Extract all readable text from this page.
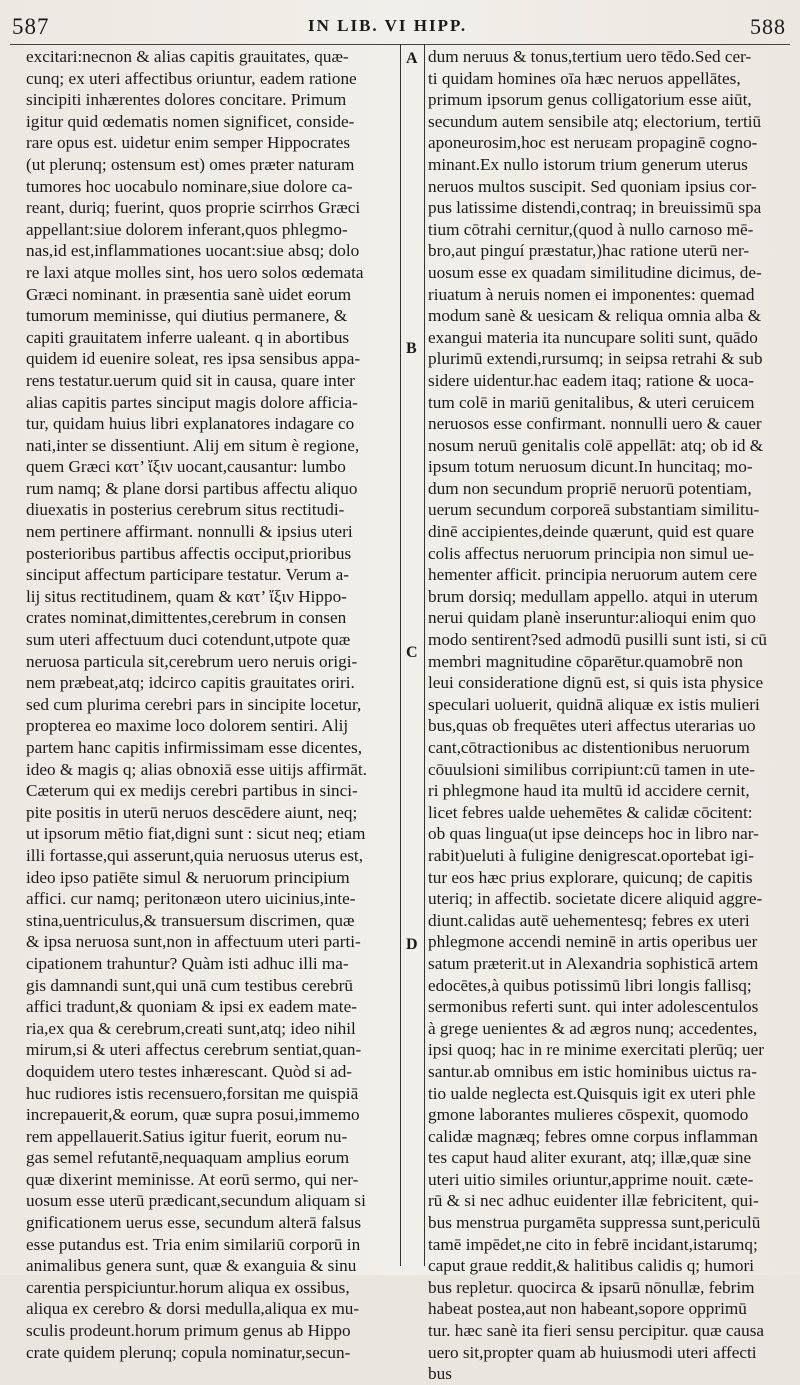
587	IN LIB. VI HIPP.	588
A
B
C
D
excitari:necnon & alias capitis grauitates, quæ-
cunq; ex uteri affectibus oriuntur, eadem ratione
sincipiti inhærentes dolores concitare. Primum
igitur quid œdematis nomen significet, conside-
rare opus est. uidetur enim semper Hippocrates
(ut plerunq; ostensum est) omes præter naturam
tumores hoc uocabulo nominare,siue dolore ca-
reant, duriq; fuerint, quos proprie scirrhos Græci
appellant:siue dolorem inferant,quos phlegmo-
nas,id est,inflammationes uocant:siue absq; dolo
re laxi atque molles sint, hos uero solos œdemata
Græci nominant. in præsentia sanè uidet eorum
tumorum meminisse, qui diutius permanere, &
capiti grauitatem inferre ualeant. q in abortibus
quidem id euenire soleat, res ipsa sensibus appa-
rens testatur.uerum quid sit in causa, quare inter
alias capitis partes sinciput magis dolore afficia-
tur, quidam huius libri explanatores indagare co
nati,inter se dissentiunt. Alij em situm è regione,
quem Græci κατ’ ἴξιν uocant,causantur: lumbo
rum namq; & plane dorsi partibus affectu aliquo
diuexatis in posterius cerebrum situs rectitudi-
nem pertinere affirmant. nonnulli & ipsius uteri
posterioribus partibus affectis occiput,prioribus
sinciput affectum participare testatur. Verum a-
lij situs rectitudinem, quam & κατ’ ἴξιν Hippo-
crates nominat,dimittentes,cerebrum in consen
sum uteri affectuum duci cotendunt,utpote quæ
neruosa particula sit,cerebrum uero neruis origi-
nem præbeat,atq; idcirco capitis grauitates oriri.
sed cum plurima cerebri pars in sincipite locetur,
propterea eo maxime loco dolorem sentiri. Alij
partem hanc capitis infirmissimam esse dicentes,
ideo & magis q; alias obnoxiā esse uitijs affirmāt.
Cæterum qui ex medijs cerebri partibus in sinci-
pite positis in uterū neruos descēdere aiunt, neq;
ut ipsorum mētio fiat,digni sunt : sicut neq; etiam
illi fortasse,qui asserunt,quia neruosus uterus est,
ideo ipso patiēte simul & neruorum principium
affici. cur namq; peritonæon utero uicinius,inte-
stina,uentriculus,& transuersum discrimen, quæ
& ipsa neruosa sunt,non in affectuum uteri parti-
cipationem trahuntur? Quàm isti adhuc illi ma-
gis damnandi sunt,qui unā cum testibus cerebrū
affici tradunt,& quoniam & ipsi ex eadem mate-
ria,ex qua & cerebrum,creati sunt,atq; ideo nihil
mirum,si & uteri affectus cerebrum sentiat,quan-
doquidem utero testes inhærescant. Quòd si ad-
huc rudiores istis recensuero,forsitan me quispiā
increpauerit,& eorum, quæ supra posui,immemo
rem appellauerit.Satius igitur fuerit, eorum nu-
gas semel refutantē,nequaquam amplius eorum
quæ dixerint meminisse. At eorū sermo, qui ner-
uosum esse uterū prædicant,secundum aliquam si
gnificationem uerus esse, secundum alterā falsus
esse putandus est. Tria enim similariū corporū in
animalibus genera sunt, quæ & exanguia & sinu
carentia perspiciuntur.horum aliqua ex ossibus,
aliqua ex cerebro & dorsi medulla,aliqua ex mu-
sculis prodeunt.horum primum genus ab Hippo
crate quidem plerunq; copula nominatur,secun-
dum neruus & tonus,tertium uero tēdo.Sed cer-
ti quidam homines oīa hæc neruos appellātes,
primum ipsorum genus colligatorium esse aiūt,
secundum autem sensibile atq; electorium, tertiū
aponeurosim,hoc est neruεam propaginē cogno-
minant.Ex nullo istorum trium generum uterus
neruos multos suscipit. Sed quoniam ipsius cor-
pus latissime distendi,contraq; in breuissimū spa
tium cōtrahi cernitur,(quod à nullo carnoso mē-
bro,aut pinguí præstatur,)hac ratione uterū ner-
uosum esse ex quadam similitudine dicimus, de-
riuatum à neruis nomen ei imponentes: quemad
modum sanè & uesicam & reliqua omnia alba &
exangui materia ita nuncupare soliti sunt, quādo
plurimū extendi,rursumq; in seipsa retrahi & sub
sidere uidentur.hac eadem itaq; ratione & uoca-
tum colē in mariū genitalibus, & uteri ceruicem
neruosos esse confirmant. nonnulli uero & cauer
nosum neruū genitalis colē appellāt: atq; ob id &
ipsum totum neruosum dicunt.In huncitaq; mo-
dum non secundum propriē neruorū potentiam,
uerum secundum corporeā substantiam similitu-
dinē accipientes,deinde quærunt, quid est quare
colis affectus neruorum principia non simul ue-
hementer afficit. principia neruorum autem cere
brum dorsiq; medullam appello. atqui in uterum
nerui quidam planè inseruntur:alioqui enim quo
modo sentirent?sed admodū pusilli sunt isti, si cū
membri magnitudine cōparētur.quamobrē non
leui consideratione dignū est, si quis ista physice
speculari uoluerit, quidnā aliquæ ex istis mulieri
bus,quas ob frequētes uteri affectus uterarias uo
cant,cōtractionibus ac distentionibus neruorum
cōuulsioni similibus corripiunt:cū tamen in ute-
ri phlegmone haud ita multū id accidere cernit,
licet febres ualde uehemētes & calidæ cōcitent:
ob quas lingua(ut ipse deinceps hoc in libro nar-
rabit)ueluti à fuligine denigrescat.oportebat igi-
tur eos hæc prius explorare, quicunq; de capitis
uteriq; in affectib. societate dicere aliquid aggre-
diunt.calidas autē uehementesq; febres ex uteri
phlegmone accendi neminē in artis operibus uer
satum præterit.ut in Alexandria sophisticā artem
edocētes,à quibus potissimū libri longis fallisq;
sermonibus referti sunt. qui inter adolescentulos
à grege uenientes & ad ægros nunq; accedentes,
ipsi quoq; hac in re minime exercitati plerūq; uer
santur.ab omnibus em istic hominibus uictus ra-
tio ualde neglecta est.Quisquis igit ex uteri phle
gmone laborantes mulieres cōspexit, quomodo
calidæ magnæq; febres omne corpus inflamman
tes caput haud aliter exurant, atq; illæ,quæ sine
uteri uitio similes oriuntur,apprime nouit. cæte-
rū & si nec adhuc euidenter illæ febricitent, qui-
bus menstrua purgamēta suppressa sunt,periculū
tamē impēdet,ne cito in febrē incidant,istarumq;
caput graue reddit,& halitibus calidis q; humori
bus repletur. quocirca & ipsarū nōnullæ, febrim
habeat postea,aut non habeant,sopore opprimū
tur. hæc sanè ita fieri sensu percipitur. quæ causa
uero sit,propter quam ab huiusmodi uteri affecti
bus
